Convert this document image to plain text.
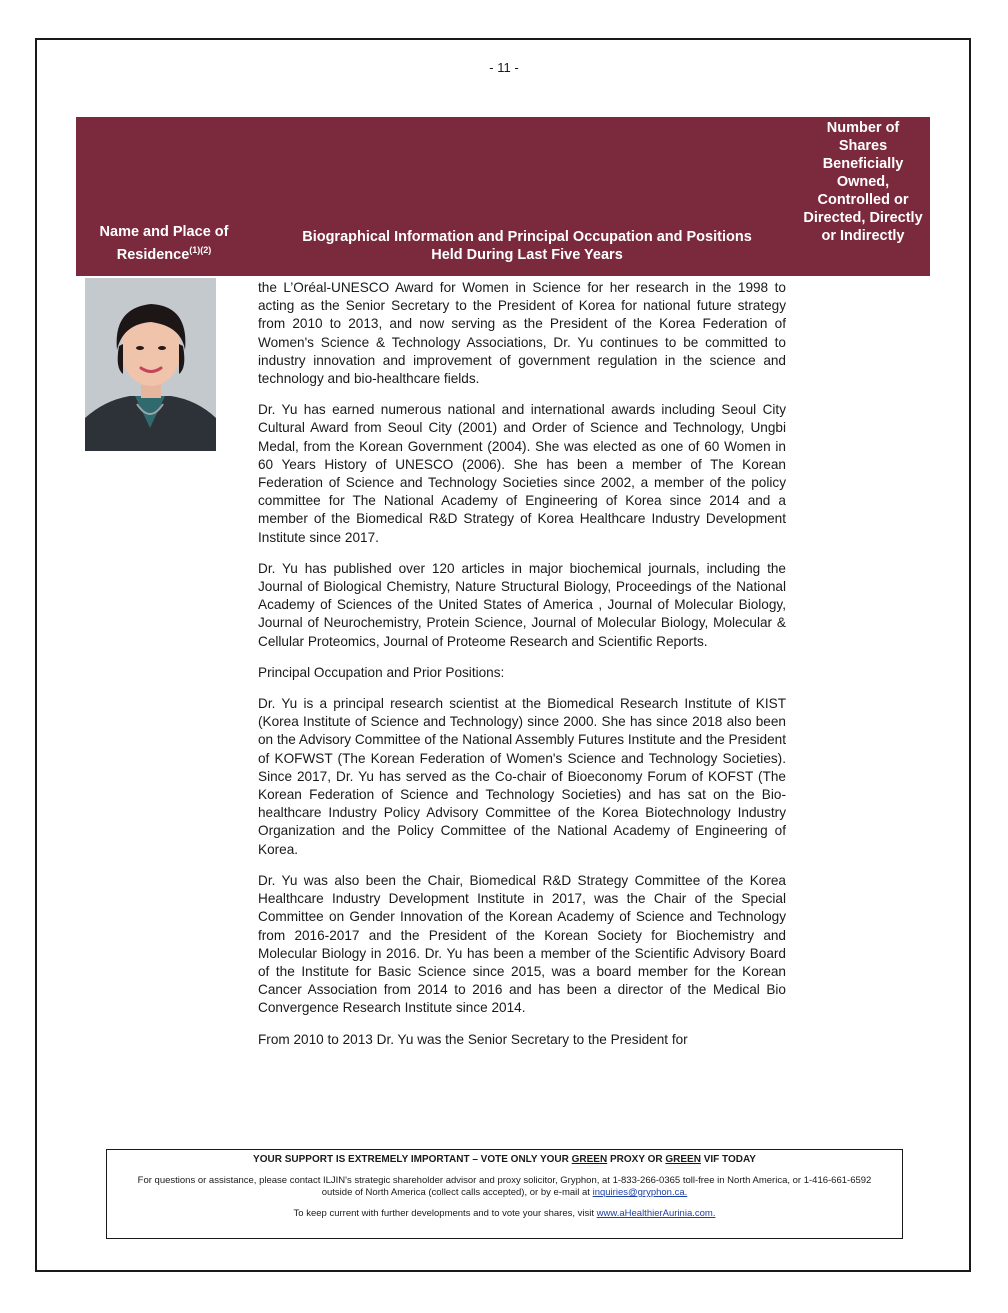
- 11 -
Name and Place of Residence$^{(1)(2)}$
Biographical Information and Principal Occupation and Positions
Held During Last Five Years
Number of Shares Beneficially Owned, Controlled or Directed, Directly or Indirectly

the L’Oréal-UNESCO Award for Women in Science for her research in the 1998 to acting as the Senior Secretary to the President of Korea for national future strategy from 2010 to 2013, and now serving as the President of the Korea Federation of Women's Science & Technology Associations, Dr. Yu continues to be committed to industry innovation and improvement of government regulation in the science and technology and bio-healthcare fields.

Dr. Yu has earned numerous national and international awards including Seoul City Cultural Award from Seoul City (2001) and Order of Science and Technology, Ungbi Medal, from the Korean Government (2004). She was elected as one of 60 Women in 60 Years History of UNESCO (2006). She has been a member of The Korean Federation of Science and Technology Societies since 2002, a member of the policy committee for The National Academy of Engineering of Korea since 2014 and a member of the Biomedical R&D Strategy of Korea Healthcare Industry Development Institute since 2017.

Dr. Yu has published over 120 articles in major biochemical journals, including the Journal of Biological Chemistry, Nature Structural Biology, Proceedings of the National Academy of Sciences of the United States of America , Journal of Molecular Biology, Journal of Neurochemistry, Protein Science, Journal of Molecular Biology, Molecular & Cellular Proteomics, Journal of Proteome Research and Scientific Reports.

Principal Occupation and Prior Positions:

Dr. Yu is a principal research scientist at the Biomedical Research Institute of KIST (Korea Institute of Science and Technology) since 2000. She has since 2018 also been on the Advisory Committee of the National Assembly Futures Institute and the President of KOFWST (The Korean Federation of Women's Science and Technology Societies). Since 2017, Dr. Yu has served as the Co-chair of Bioeconomy Forum of KOFST (The Korean Federation of Science and Technology Societies) and has sat on the Bio-healthcare Industry Policy Advisory Committee of the Korea Biotechnology Industry Organization and the Policy Committee of the National Academy of Engineering of Korea.

Dr. Yu was also been the Chair, Biomedical R&D Strategy Committee of the Korea Healthcare Industry Development Institute in 2017, was the Chair of the Special Committee on Gender Innovation of the Korean Academy of Science and Technology from 2016-2017 and the President of the Korean Society for Biochemistry and Molecular Biology in 2016. Dr. Yu has been a member of the Scientific Advisory Board of the Institute for Basic Science since 2015, was a board member for the Korean Cancer Association from 2014 to 2016 and has been a director of the Medical Bio Convergence Research Institute since 2014.

From 2010 to 2013 Dr. Yu was the Senior Secretary to the President for

YOUR SUPPORT IS EXTREMELY IMPORTANT – VOTE ONLY YOUR GREEN PROXY OR GREEN VIF TODAY
For questions or assistance, please contact ILJIN's strategic shareholder advisor and proxy solicitor, Gryphon, at 1-833-266-0365 toll-free in North America, or 1-416-661-6592 outside of North America (collect calls accepted), or by e-mail at inquiries@gryphon.ca.
To keep current with further developments and to vote your shares, visit www.aHealthierAurinia.com.
